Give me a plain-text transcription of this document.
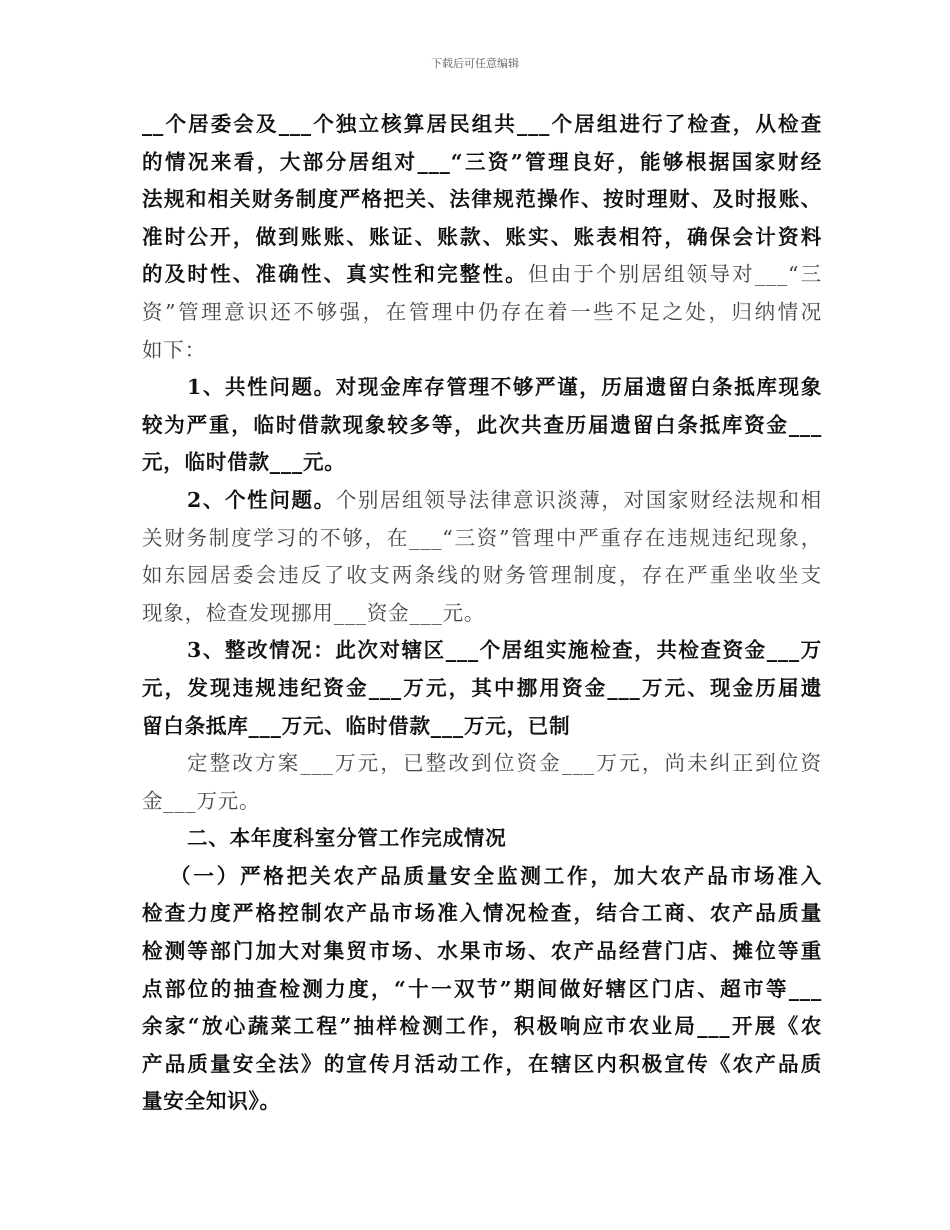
下载后可任意编辑
__个居委会及___个独立核算居民组共___个居组进行了检查，从检查
的情况来看，大部分居组对___“三资”管理良好，能够根据国家财经
法规和相关财务制度严格把关、法律规范操作、按时理财、及时报账、
准时公开，做到账账、账证、账款、账实、账表相符，确保会计资料
的及时性、准确性、真实性和完整性。但由于个别居组领导对___“三
资”管理意识还不够强，在管理中仍存在着一些不足之处，归纳情况
如下：
1、共性问题。对现金库存管理不够严谨，历届遗留白条抵库现象
较为严重，临时借款现象较多等，此次共查历届遗留白条抵库资金___
元，临时借款___元。
2、个性问题。个别居组领导法律意识淡薄，对国家财经法规和相
关财务制度学习的不够，在___“三资”管理中严重存在违规违纪现象，
如东园居委会违反了收支两条线的财务管理制度，存在严重坐收坐支
现象，检查发现挪用___资金___元。
3、整改情况：此次对辖区___个居组实施检查，共检查资金___万
元，发现违规违纪资金___万元，其中挪用资金___万元、现金历届遗
留白条抵库___万元、临时借款___万元，已制
定整改方案___万元，已整改到位资金___万元，尚未纠正到位资
金___万元。
二、本年度科室分管工作完成情况
（一）严格把关农产品质量安全监测工作，加大农产品市场准入
检查力度严格控制农产品市场准入情况检查，结合工商、农产品质量
检测等部门加大对集贸市场、水果市场、农产品经营门店、摊位等重
点部位的抽查检测力度，“十一双节”期间做好辖区门店、超市等___
余家“放心蔬菜工程”抽样检测工作，积极响应市农业局___开展《农
产品质量安全法》的宣传月活动工作，在辖区内积极宣传《农产品质
量安全知识》。
